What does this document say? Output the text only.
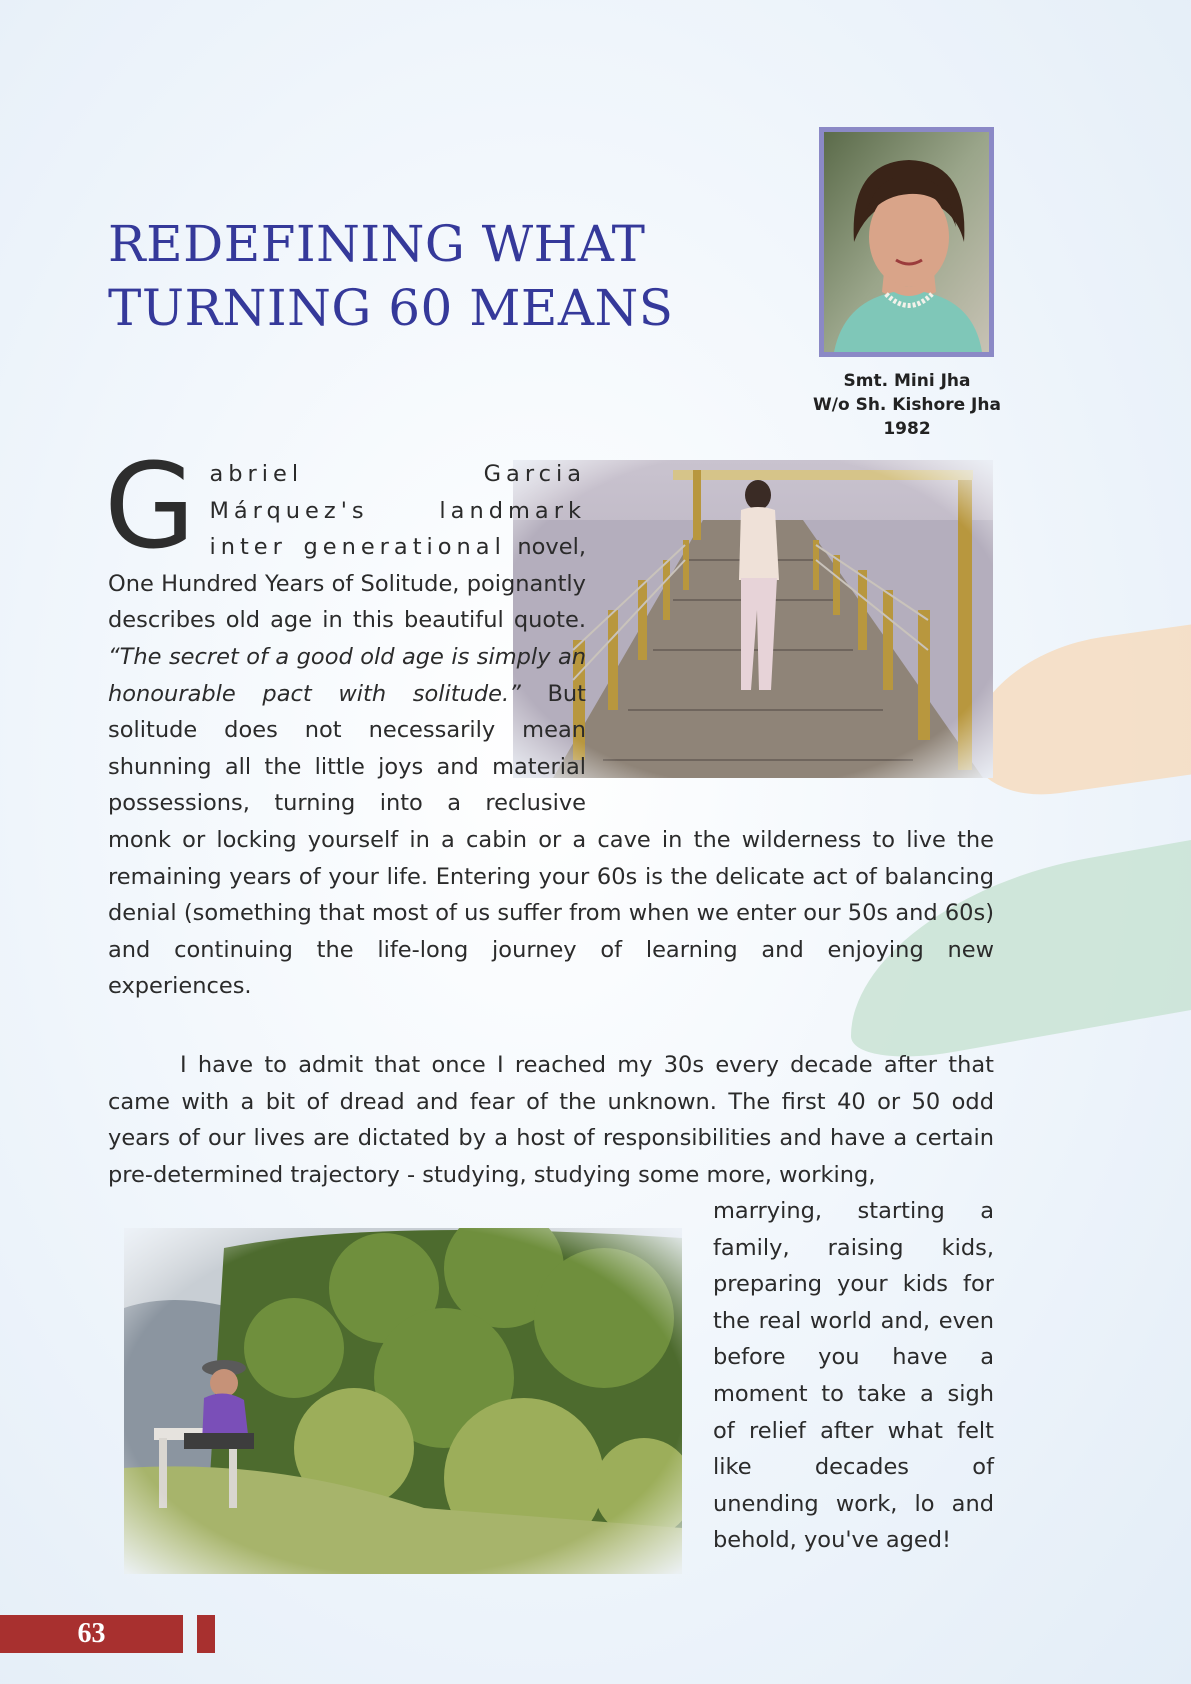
REDEFINING WHAT
TURNING 60 MEANS
Smt. Mini Jha
W/o Sh. Kishore Jha
1982

G abriel Garcia Márquez's landmark inter generational novel, One Hundred Years of Solitude, poignantly describes old age in this beautiful quote. “The secret of a good old age is simply an honourable pact with solitude.” But solitude does not necessarily mean shunning all the little joys and material possessions, turning into a reclusive monk or locking yourself in a cabin or a cave in the wilderness to live the remaining years of your life. Entering your 60s is the delicate act of balancing denial (something that most of us suffer from when we enter our 50s and 60s) and continuing the life-long journey of learning and enjoying new experiences.

I have to admit that once I reached my 30s every decade after that came with a bit of dread and fear of the unknown. The first 40 or 50 odd years of our lives are dictated by a host of responsibilities and have a certain pre-determined trajectory - studying, studying some more, working,

marrying, starting a family, raising kids, preparing your kids for the real world and, even before you have a moment to take a sigh of relief after what felt like decades of unending work, lo and behold, you've aged!

63
